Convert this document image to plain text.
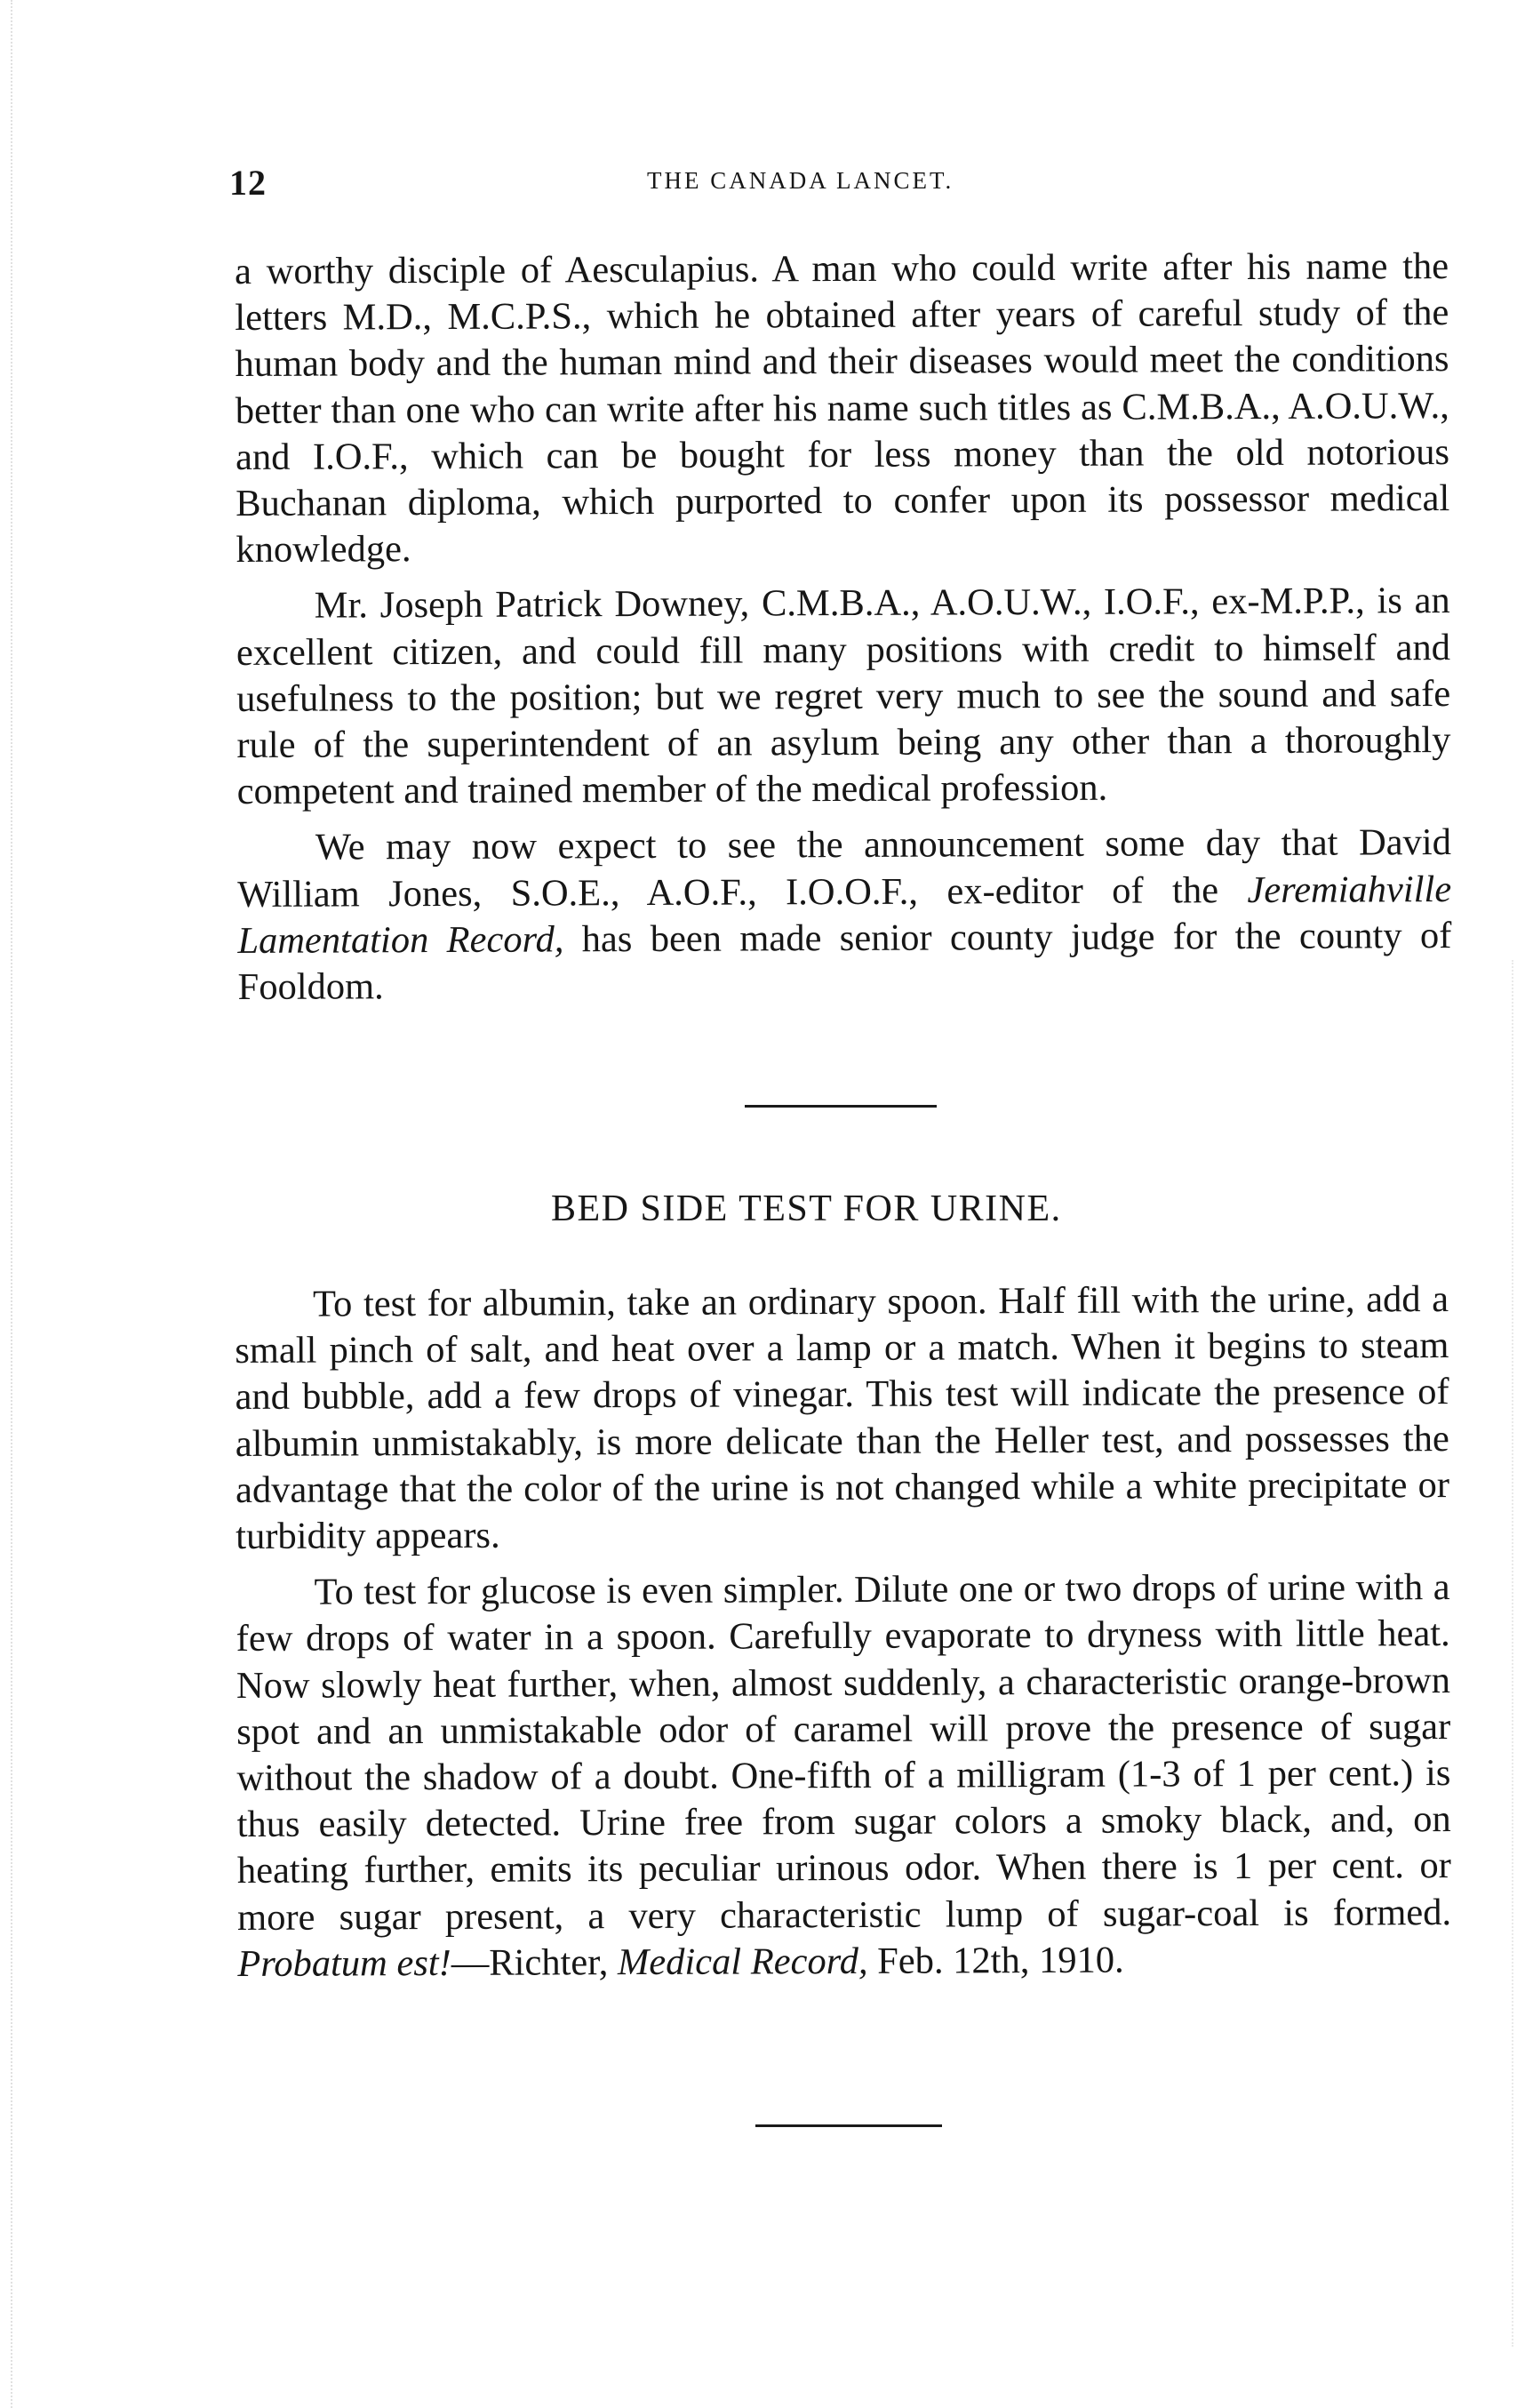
12	THE CANADA LANCET.

a worthy disciple of Aesculapius. A man who could write after his name the letters M.D., M.C.P.S., which he obtained after years of careful study of the human body and the human mind and their diseases would meet the conditions better than one who can write after his name such titles as C.M.B.A., A.O.U.W., and I.O.F., which can be bought for less money than the old notorious Buchanan diploma, which purported to confer upon its possessor medical knowledge.

Mr. Joseph Patrick Downey, C.M.B.A., A.O.U.W., I.O.F., ex-M.P.P., is an excellent citizen, and could fill many positions with credit to himself and usefulness to the position; but we regret very much to see the sound and safe rule of the superintendent of an asylum being any other than a thoroughly competent and trained member of the medical profession.

We may now expect to see the announcement some day that David William Jones, S.O.E., A.O.F., I.O.O.F., ex-editor of the Jeremiahville Lamentation Record, has been made senior county judge for the county of Fooldom.

BED SIDE TEST FOR URINE.

To test for albumin, take an ordinary spoon. Half fill with the urine, add a small pinch of salt, and heat over a lamp or a match. When it begins to steam and bubble, add a few drops of vinegar. This test will indicate the presence of albumin unmistakably, is more delicate than the Heller test, and possesses the advantage that the color of the urine is not changed while a white precipitate or turbidity appears.

To test for glucose is even simpler. Dilute one or two drops of urine with a few drops of water in a spoon. Carefully evaporate to dryness with little heat. Now slowly heat further, when, almost suddenly, a characteristic orange-brown spot and an unmistakable odor of caramel will prove the presence of sugar without the shadow of a doubt. One-fifth of a milligram (1-3 of 1 per cent.) is thus easily detected. Urine free from sugar colors a smoky black, and, on heating further, emits its peculiar urinous odor. When there is 1 per cent. or more sugar present, a very characteristic lump of sugar-coal is formed. Probatum est!—Richter, Medical Record, Feb. 12th, 1910.
